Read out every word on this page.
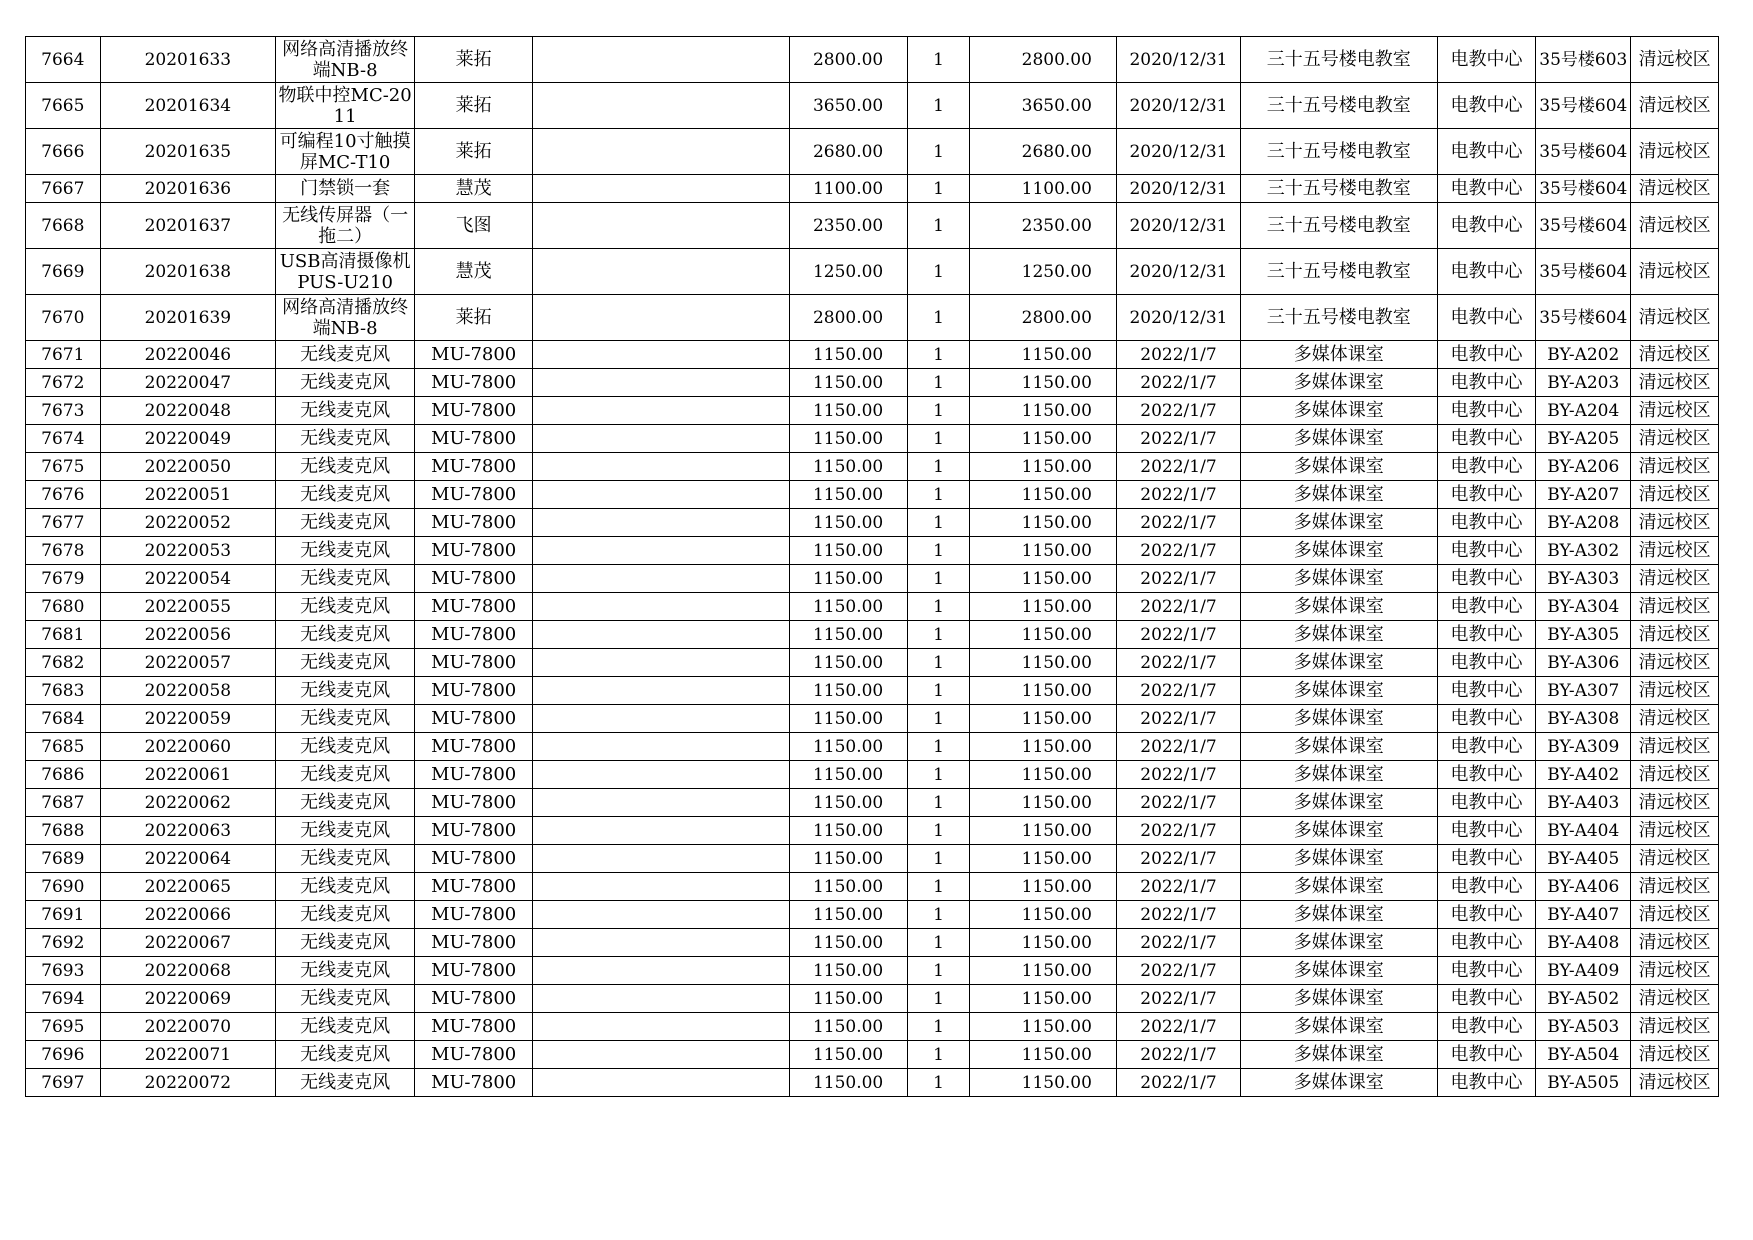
7664	20201633	网络高清播放终端NB-8	莱拓		2800.00	1	2800.00	2020/12/31	三十五号楼电教室	电教中心	35号楼603	清远校区
7665	20201634	物联中控MC-2011	莱拓		3650.00	1	3650.00	2020/12/31	三十五号楼电教室	电教中心	35号楼604	清远校区
7666	20201635	可编程10寸触摸屏MC-T10	莱拓		2680.00	1	2680.00	2020/12/31	三十五号楼电教室	电教中心	35号楼604	清远校区
7667	20201636	门禁锁一套	慧茂		1100.00	1	1100.00	2020/12/31	三十五号楼电教室	电教中心	35号楼604	清远校区
7668	20201637	无线传屏器（一拖二）	飞图		2350.00	1	2350.00	2020/12/31	三十五号楼电教室	电教中心	35号楼604	清远校区
7669	20201638	USB高清摄像机PUS-U210	慧茂		1250.00	1	1250.00	2020/12/31	三十五号楼电教室	电教中心	35号楼604	清远校区
7670	20201639	网络高清播放终端NB-8	莱拓		2800.00	1	2800.00	2020/12/31	三十五号楼电教室	电教中心	35号楼604	清远校区
7671	20220046	无线麦克风	MU-7800		1150.00	1	1150.00	2022/1/7	多媒体课室	电教中心	BY-A202	清远校区
7672	20220047	无线麦克风	MU-7800		1150.00	1	1150.00	2022/1/7	多媒体课室	电教中心	BY-A203	清远校区
7673	20220048	无线麦克风	MU-7800		1150.00	1	1150.00	2022/1/7	多媒体课室	电教中心	BY-A204	清远校区
7674	20220049	无线麦克风	MU-7800		1150.00	1	1150.00	2022/1/7	多媒体课室	电教中心	BY-A205	清远校区
7675	20220050	无线麦克风	MU-7800		1150.00	1	1150.00	2022/1/7	多媒体课室	电教中心	BY-A206	清远校区
7676	20220051	无线麦克风	MU-7800		1150.00	1	1150.00	2022/1/7	多媒体课室	电教中心	BY-A207	清远校区
7677	20220052	无线麦克风	MU-7800		1150.00	1	1150.00	2022/1/7	多媒体课室	电教中心	BY-A208	清远校区
7678	20220053	无线麦克风	MU-7800		1150.00	1	1150.00	2022/1/7	多媒体课室	电教中心	BY-A302	清远校区
7679	20220054	无线麦克风	MU-7800		1150.00	1	1150.00	2022/1/7	多媒体课室	电教中心	BY-A303	清远校区
7680	20220055	无线麦克风	MU-7800		1150.00	1	1150.00	2022/1/7	多媒体课室	电教中心	BY-A304	清远校区
7681	20220056	无线麦克风	MU-7800		1150.00	1	1150.00	2022/1/7	多媒体课室	电教中心	BY-A305	清远校区
7682	20220057	无线麦克风	MU-7800		1150.00	1	1150.00	2022/1/7	多媒体课室	电教中心	BY-A306	清远校区
7683	20220058	无线麦克风	MU-7800		1150.00	1	1150.00	2022/1/7	多媒体课室	电教中心	BY-A307	清远校区
7684	20220059	无线麦克风	MU-7800		1150.00	1	1150.00	2022/1/7	多媒体课室	电教中心	BY-A308	清远校区
7685	20220060	无线麦克风	MU-7800		1150.00	1	1150.00	2022/1/7	多媒体课室	电教中心	BY-A309	清远校区
7686	20220061	无线麦克风	MU-7800		1150.00	1	1150.00	2022/1/7	多媒体课室	电教中心	BY-A402	清远校区
7687	20220062	无线麦克风	MU-7800		1150.00	1	1150.00	2022/1/7	多媒体课室	电教中心	BY-A403	清远校区
7688	20220063	无线麦克风	MU-7800		1150.00	1	1150.00	2022/1/7	多媒体课室	电教中心	BY-A404	清远校区
7689	20220064	无线麦克风	MU-7800		1150.00	1	1150.00	2022/1/7	多媒体课室	电教中心	BY-A405	清远校区
7690	20220065	无线麦克风	MU-7800		1150.00	1	1150.00	2022/1/7	多媒体课室	电教中心	BY-A406	清远校区
7691	20220066	无线麦克风	MU-7800		1150.00	1	1150.00	2022/1/7	多媒体课室	电教中心	BY-A407	清远校区
7692	20220067	无线麦克风	MU-7800		1150.00	1	1150.00	2022/1/7	多媒体课室	电教中心	BY-A408	清远校区
7693	20220068	无线麦克风	MU-7800		1150.00	1	1150.00	2022/1/7	多媒体课室	电教中心	BY-A409	清远校区
7694	20220069	无线麦克风	MU-7800		1150.00	1	1150.00	2022/1/7	多媒体课室	电教中心	BY-A502	清远校区
7695	20220070	无线麦克风	MU-7800		1150.00	1	1150.00	2022/1/7	多媒体课室	电教中心	BY-A503	清远校区
7696	20220071	无线麦克风	MU-7800		1150.00	1	1150.00	2022/1/7	多媒体课室	电教中心	BY-A504	清远校区
7697	20220072	无线麦克风	MU-7800		1150.00	1	1150.00	2022/1/7	多媒体课室	电教中心	BY-A505	清远校区
